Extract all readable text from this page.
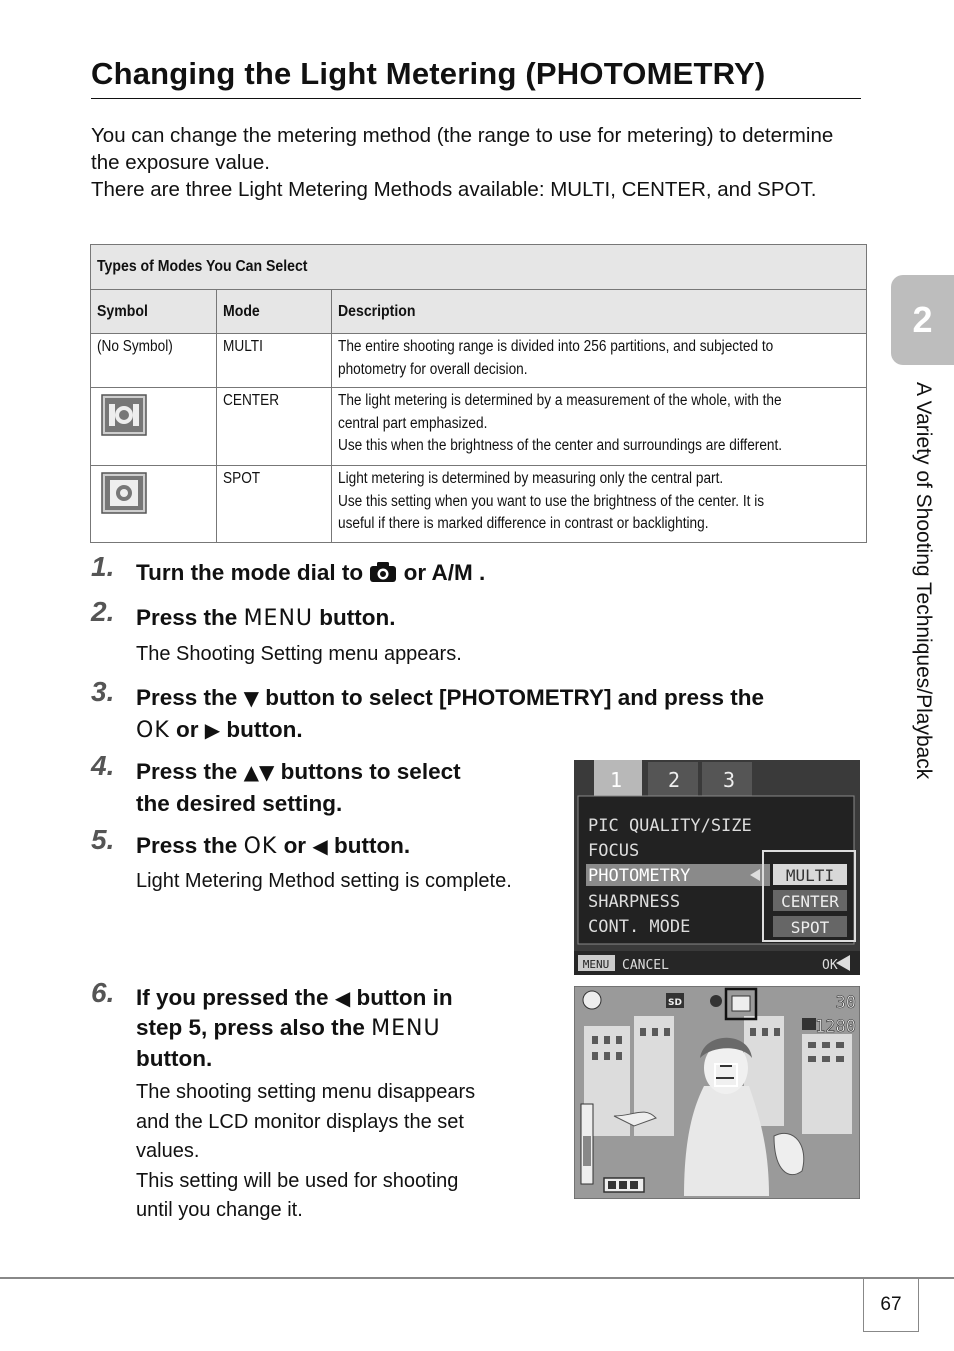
Changing the Light Metering (PHOTOMETRY)

You can change the metering method (the range to use for metering) to determine the exposure value.

There are three Light Metering Methods available: MULTI, CENTER, and SPOT.

Types of Modes You Can Select		
Symbol	Mode	Description
(No Symbol)	MULTI	The entire shooting range is divided into 256 partitions, and subjected to
photometry for overall decision.
	CENTER	The light metering is determined by a measurement of the whole, with the
central part emphasized.
Use this when the brightness of the center and surroundings are different.
	SPOT	Light metering is determined by measuring only the central part.
Use this setting when you want to use the brightness of the center. It is
useful if there is marked difference in contrast or backlighting.
1. Turn the mode dial to  or A/M .
2. Press the MENU button.
The Shooting Setting menu appears.
3. Press the ▼ button to select [PHOTOMETRY] and press the
OK or ▶ button.
4. Press the ▲▼ buttons to select
the desired setting.
5. Press the OK or ◀ button.
Light Metering Method setting is complete.
6. If you pressed the ◀ button in
step 5, press also the MENU
button.
The shooting setting menu disappears
and the LCD monitor displays the set
values.
This setting will be used for shooting
until you change it.
1 2 3
PIC QUALITY/SIZE
FOCUS
PHOTOMETRY
SHARPNESS
CONT. MODE
MULTI
CENTER
SPOT
MENU CANCEL	OK
SD	30
1280
2
A Variety of Shooting Techniques/Playback
67
